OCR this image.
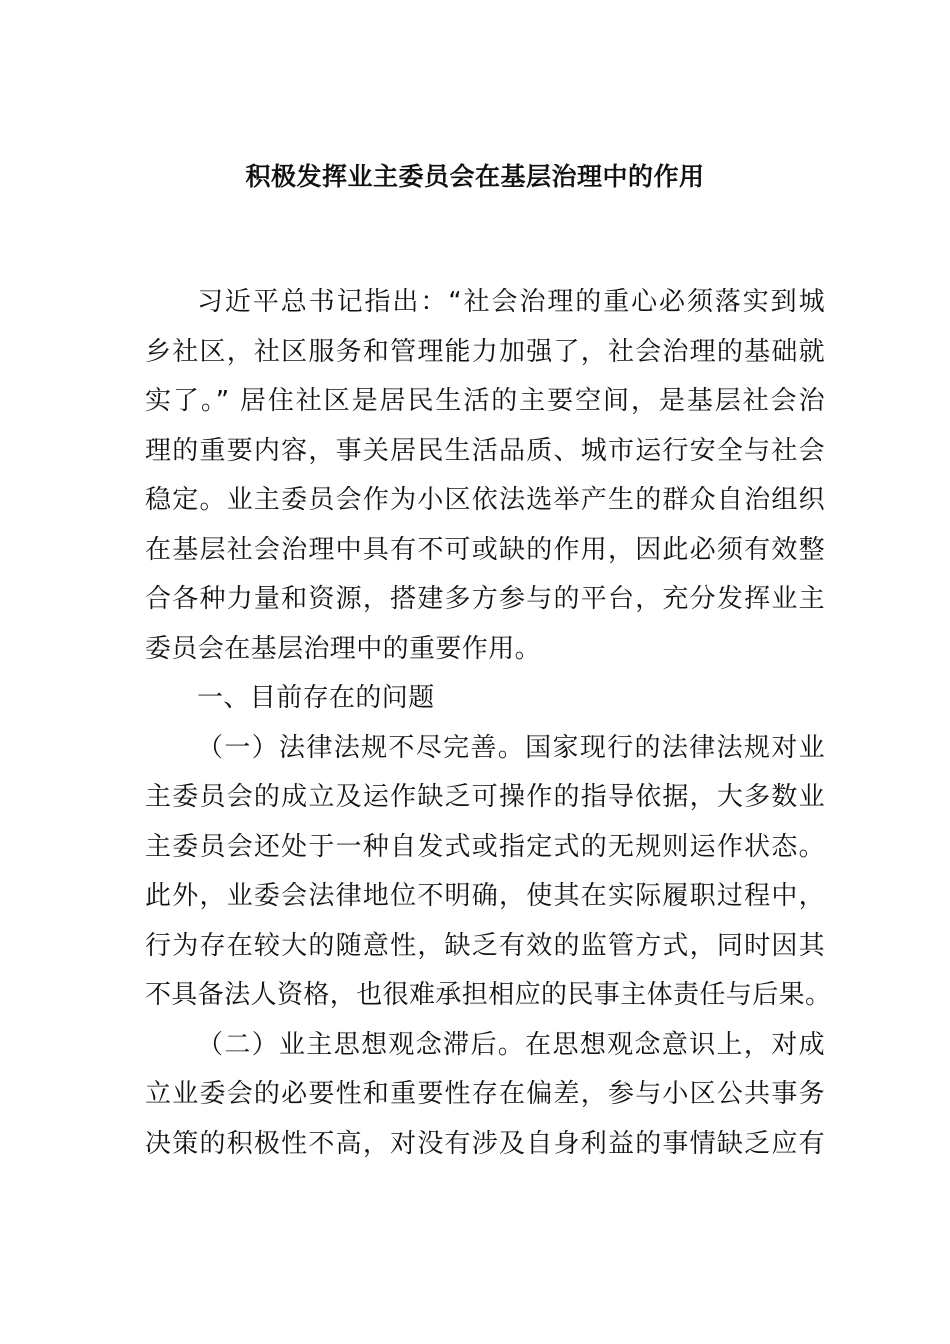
积极发挥业主委员会在基层治理中的作用
习近平总书记指出：“社会治理的重心必须落实到城
乡社区，社区服务和管理能力加强了，社会治理的基础就
实了。” 居住社区是居民生活的主要空间，是基层社会治
理的重要内容，事关居民生活品质、城市运行安全与社会
稳定。业主委员会作为小区依法选举产生的群众自治组织
在基层社会治理中具有不可或缺的作用，因此必须有效整
合各种力量和资源，搭建多方参与的平台，充分发挥业主
委员会在基层治理中的重要作用。
一、目前存在的问题
（一）法律法规不尽完善。国家现行的法律法规对业
主委员会的成立及运作缺乏可操作的指导依据，大多数业
主委员会还处于一种自发式或指定式的无规则运作状态。
此外，业委会法律地位不明确，使其在实际履职过程中，
行为存在较大的随意性，缺乏有效的监管方式，同时因其
不具备法人资格，也很难承担相应的民事主体责任与后果。
（二）业主思想观念滞后。在思想观念意识上，对成
立业委会的必要性和重要性存在偏差，参与小区公共事务
决策的积极性不高，对没有涉及自身利益的事情缺乏应有
